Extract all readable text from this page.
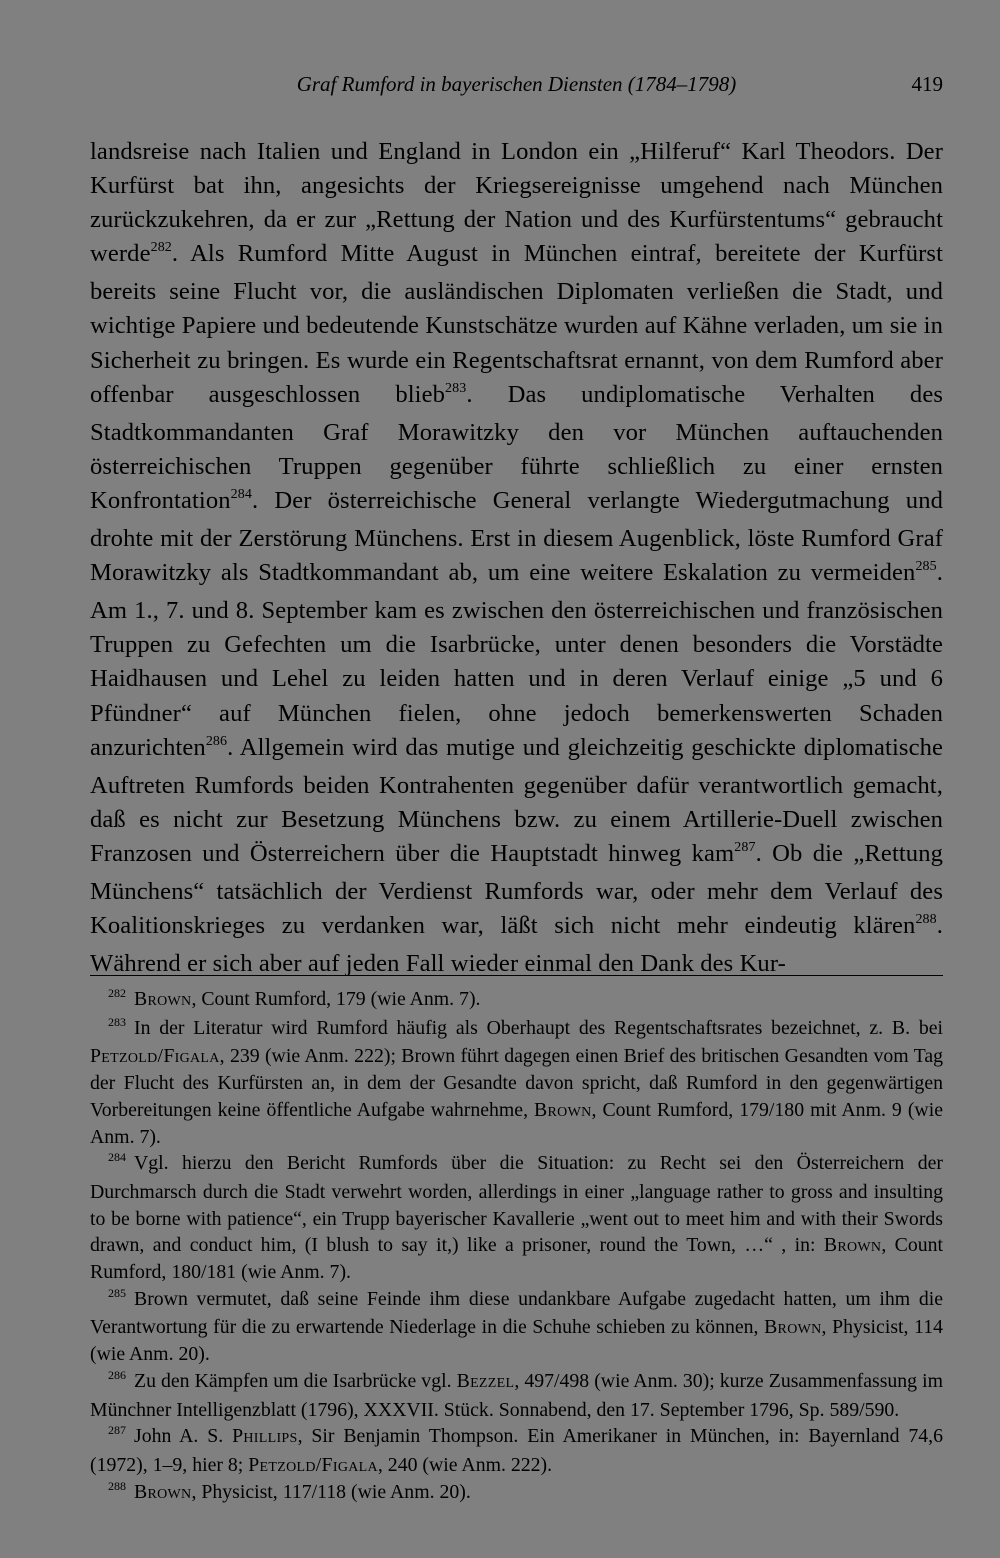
Graf Rumford in bayerischen Diensten (1784–1798)	419

landsreise nach Italien und England in London ein „Hilferuf“ Karl Theodors. Der Kurfürst bat ihn, angesichts der Kriegsereignisse umgehend nach München zurückzukehren, da er zur „Rettung der Nation und des Kurfürstentums“ gebraucht werde$^{282}$. Als Rumford Mitte August in München eintraf, bereitete der Kurfürst bereits seine Flucht vor, die ausländischen Diplomaten verließen die Stadt, und wichtige Papiere und bedeutende Kunstschätze wurden auf Kähne verladen, um sie in Sicherheit zu bringen. Es wurde ein Regentschaftsrat ernannt, von dem Rumford aber offenbar ausgeschlossen blieb$^{283}$. Das undiplomatische Verhalten des Stadtkommandanten Graf Morawitzky den vor München auftauchenden österreichischen Truppen gegenüber führte schließlich zu einer ernsten Konfrontation$^{284}$. Der österreichische General verlangte Wiedergutmachung und drohte mit der Zerstörung Münchens. Erst in diesem Augenblick, löste Rumford Graf Morawitzky als Stadtkommandant ab, um eine weitere Eskalation zu vermeiden$^{285}$. Am 1., 7. und 8. September kam es zwischen den österreichischen und französischen Truppen zu Gefechten um die Isarbrücke, unter denen besonders die Vorstädte Haidhausen und Lehel zu leiden hatten und in deren Verlauf einige „5 und 6 Pfündner“ auf München fielen, ohne jedoch bemerkenswerten Schaden anzurichten$^{286}$. Allgemein wird das mutige und gleichzeitig geschickte diplomatische Auftreten Rumfords beiden Kontrahenten gegenüber dafür verantwortlich gemacht, daß es nicht zur Besetzung Münchens bzw. zu einem Artillerie-Duell zwischen Franzosen und Österreichern über die Hauptstadt hinweg kam$^{287}$. Ob die „Rettung Münchens“ tatsächlich der Verdienst Rumfords war, oder mehr dem Verlauf des Koalitionskrieges zu verdanken war, läßt sich nicht mehr eindeutig klären$^{288}$. Während er sich aber auf jeden Fall wieder einmal den Dank des Kur-

$^{282}$ Brown, Count Rumford, 179 (wie Anm. 7).

$^{283}$ In der Literatur wird Rumford häufig als Oberhaupt des Regentschaftsrates bezeichnet, z. B. bei Petzold/Figala, 239 (wie Anm. 222); Brown führt dagegen einen Brief des britischen Gesandten vom Tag der Flucht des Kurfürsten an, in dem der Gesandte davon spricht, daß Rumford in den gegenwärtigen Vorbereitungen keine öffentliche Aufgabe wahrnehme, Brown, Count Rumford, 179/180 mit Anm. 9 (wie Anm. 7).

$^{284}$ Vgl. hierzu den Bericht Rumfords über die Situation: zu Recht sei den Österreichern der Durchmarsch durch die Stadt verwehrt worden, allerdings in einer „language rather to gross and insulting to be borne with patience“, ein Trupp bayerischer Kavallerie „went out to meet him and with their Swords drawn, and conduct him, (I blush to say it,) like a prisoner, round the Town, …“ , in: Brown, Count Rumford, 180/181 (wie Anm. 7).

$^{285}$ Brown vermutet, daß seine Feinde ihm diese undankbare Aufgabe zugedacht hatten, um ihm die Verantwortung für die zu erwartende Niederlage in die Schuhe schieben zu können, Brown, Physicist, 114 (wie Anm. 20).

$^{286}$ Zu den Kämpfen um die Isarbrücke vgl. Bezzel, 497/498 (wie Anm. 30); kurze Zusammenfassung im Münchner Intelligenzblatt (1796), XXXVII. Stück. Sonnabend, den 17. September 1796, Sp. 589/590.

$^{287}$ John A. S. Phillips, Sir Benjamin Thompson. Ein Amerikaner in München, in: Bayernland 74,6 (1972), 1–9, hier 8; Petzold/Figala, 240 (wie Anm. 222).

$^{288}$ Brown, Physicist, 117/118 (wie Anm. 20).
